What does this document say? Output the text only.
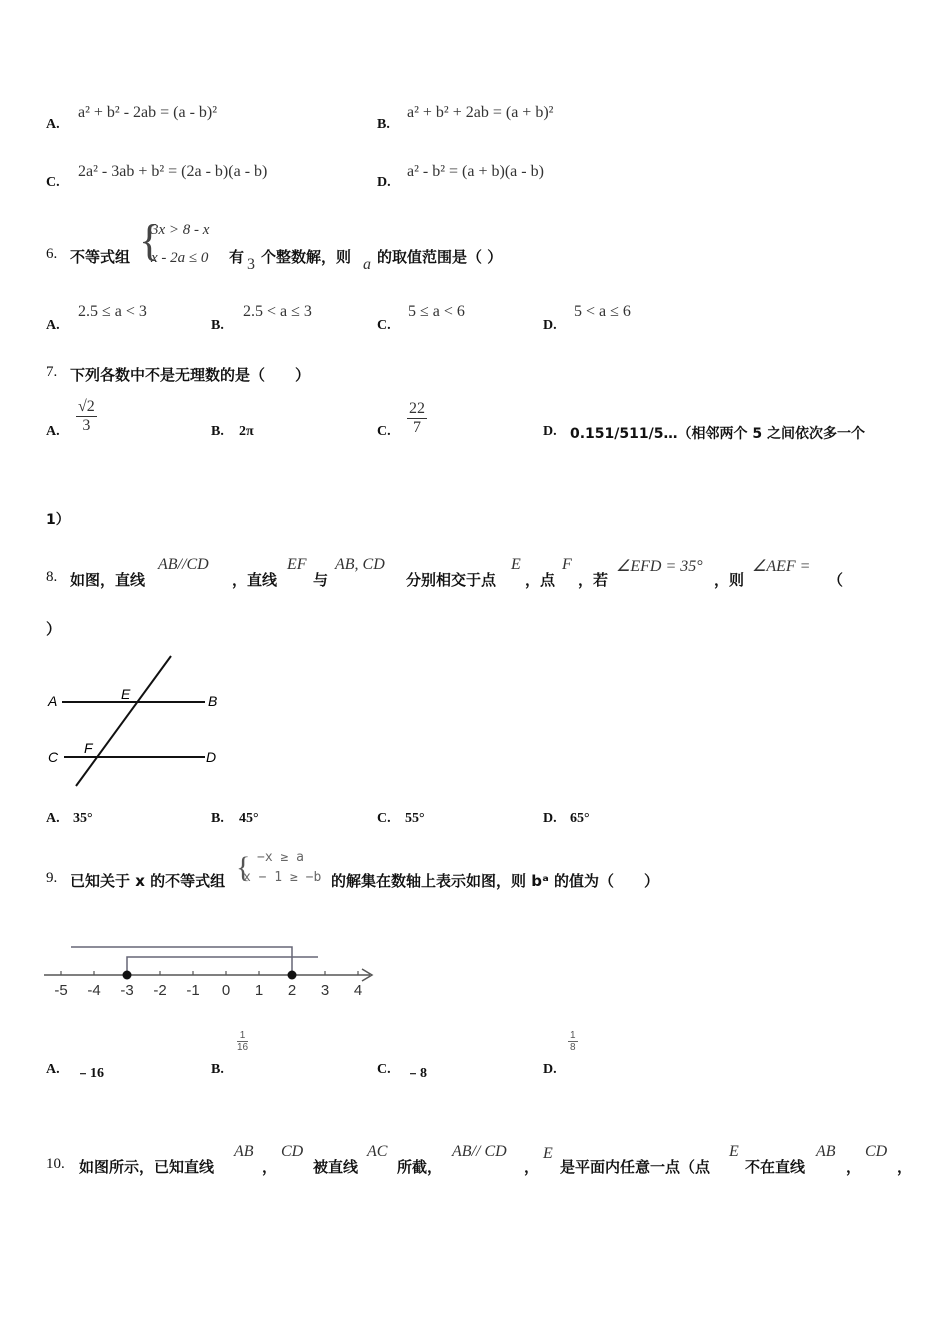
A.
a² + b² - 2ab = (a - b)²
B.
a² + b² + 2ab = (a + b)²
C.
2a² - 3ab + b² = (2a - b)(a - b)
D.
a² - b² = (a + b)(a - b)
6. 不等式组 {
3x > 8 - x
x - 2a ≤ 0 有 3 个整数解，则 a 的取值范围是（ ）
A.
2.5 ≤ a < 3
B.
2.5 < a ≤ 3
C.
5 ≤ a < 6
D.
5 < a ≤ 6
7. 下列各数中不是无理数的是（　　）
A. $\frac{√2}{3}$	B. 2π	C. $\frac{22}{7}$	D. 0.151/511/5…（相邻两个 5 之间依次多一个
1）
8. 如图，直线
AB//CD
，直线
EF
与
AB, CD
分别相交于点
E
，点
F
，若
∠EFD = 35°
，则
∠AEF =
（
）
A	B
E
C	D
F
A. 35°	B. 45°	C. 55°	D. 65°
9. 已知关于 x 的不等式组 { −x ≥ a
x − 1 ≥ −b 的解集在数轴上表示如图，则 bᵃ 的值为（　　）
-5 -4 -3 -2 -1 0 1 2 3 4
A. ﹣16	B.
$\frac{1}{16}$
C. ﹣8	D.
$\frac{1}{8}$
10. 如图所示，已知直线
AB
，
CD
被直线
AC
所截，
AB// CD
，
E
是平面内任意一点（点
E
不在直线
AB
，
CD
，
